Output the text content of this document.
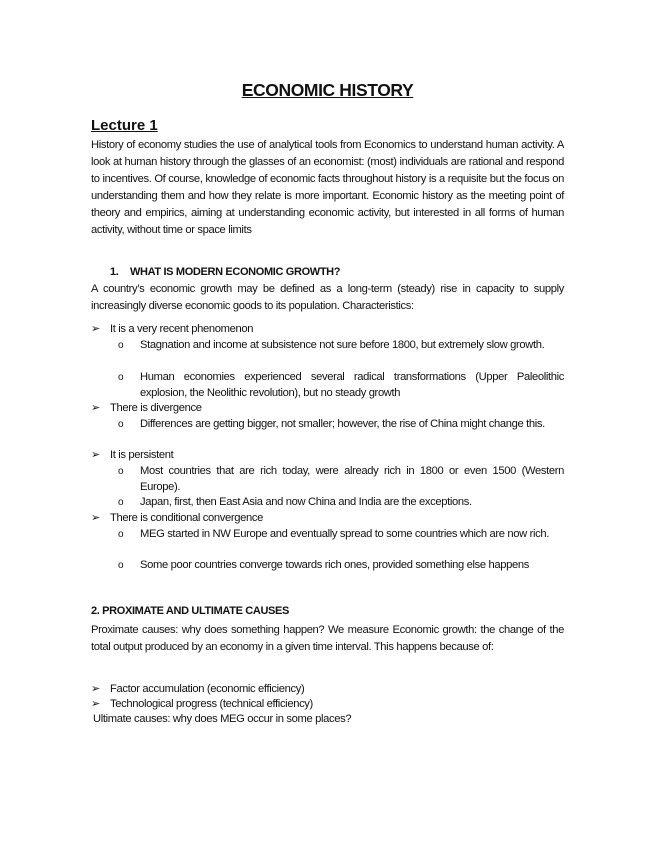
ECONOMIC HISTORY
Lecture 1
History of economy studies the use of analytical tools from Economics to understand human activity. A look at human history through the glasses of an economist: (most) individuals are rational and respond to incentives. Of course, knowledge of economic facts throughout history is a requisite but the focus on understanding them and how they relate is more important. Economic history as the meeting point of theory and empirics, aiming at understanding economic activity, but interested in all forms of human activity, without time or space limits
1. WHAT IS MODERN ECONOMIC GROWTH?
A country’s economic growth may be defined as a long-term (steady) rise in capacity to supply increasingly diverse economic goods to its population. Characteristics:
➢ It is a very recent phenomenon
o Stagnation and income at subsistence not sure before 1800, but extremely slow growth.
o Human economies experienced several radical transformations (Upper Paleolithic explosion, the Neolithic revolution), but no steady growth
➢ There is divergence
o Differences are getting bigger, not smaller; however, the rise of China might change this.
➢ It is persistent
o Most countries that are rich today, were already rich in 1800 or even 1500 (Western Europe).
o Japan, first, then East Asia and now China and India are the exceptions.
➢ There is conditional convergence
o MEG started in NW Europe and eventually spread to some countries which are now rich.
o Some poor countries converge towards rich ones, provided something else happens
2. PROXIMATE AND ULTIMATE CAUSES
Proximate causes: why does something happen? We measure Economic growth: the change of the total output produced by an economy in a given time interval. This happens because of:
➢ Factor accumulation (economic efficiency)
➢ Technological progress (technical efficiency)
Ultimate causes: why does MEG occur in some places?
